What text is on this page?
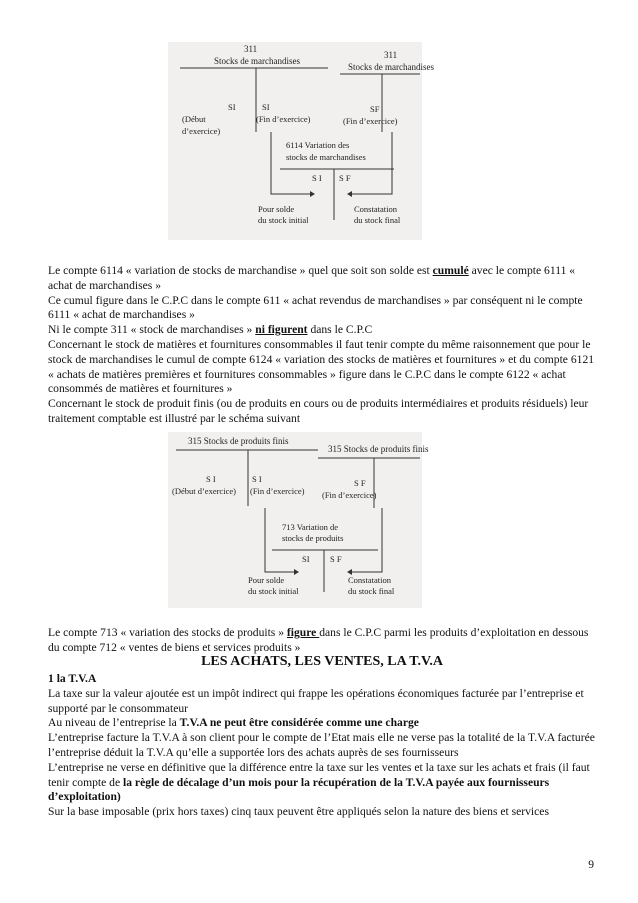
311
Stocks de marchandises
311
Stocks de marchandises
SI
(Début
d’exercice)
SI
(Fin d’exercice)
SF
(Fin d’exercice)
6114 Variation des
stocks de marchandises
S I S F
Pour solde
du stock initial
Constatation
du stock final

Le compte 6114 « variation de stocks de marchandise » quel que soit son solde est cumulé avec le compte 6111 « achat de marchandises »

Ce cumul figure dans le C.P.C dans le compte 611 « achat revendus de marchandises » par conséquent ni le compte 6111 « achat de marchandises »

Ni le compte 311 « stock de marchandises » ni figurent dans le C.P.C

Concernant le stock de matières et fournitures consommables il faut tenir compte du même raisonnement que pour le stock de marchandises le cumul de compte 6124 « variation des stocks de matières et fournitures » et du compte 6121 « achats de matières premières et fournitures consommables » figure dans le C.P.C dans le compte 6122 « achat consommés de matières et fournitures »

Concernant le stock de produit finis (ou de produits en cours ou de produits intermédiaires et produits résiduels) leur traitement comptable est illustré par le schéma suivant

315 Stocks de produits finis
315 Stocks de produits finis
S I
(Début d’exercice)
S I
(Fin d’exercice)
S F
(Fin d’exercice)
713 Variation de
stocks de produits
SI S F
Pour solde
du stock initial
Constatation
du stock final

Le compte 713 « variation des stocks de produits » figure dans le C.P.C parmi les produits d’exploitation en dessous du compte 712 « ventes de biens et services produits »

LES ACHATS, LES VENTES, LA T.V.A

1 la T.V.A

La taxe sur la valeur ajoutée est un impôt indirect qui frappe les opérations économiques facturée par l’entreprise et supporté par le consommateur

Au niveau de l’entreprise la T.V.A ne peut être considérée comme une charge

L’entreprise facture la T.V.A à son client pour le compte de l’Etat mais elle ne verse pas la totalité de la T.V.A facturée l’entreprise déduit la T.V.A qu’elle a supportée lors des achats auprès de ses fournisseurs

L’entreprise ne verse en définitive que la différence entre la taxe sur les ventes et la taxe sur les achats et frais (il faut tenir compte de la règle de décalage d’un mois pour la récupération de la T.V.A payée aux fournisseurs d’exploitation)

Sur la base imposable (prix hors taxes) cinq taux peuvent être appliqués selon la nature des biens et services

9
